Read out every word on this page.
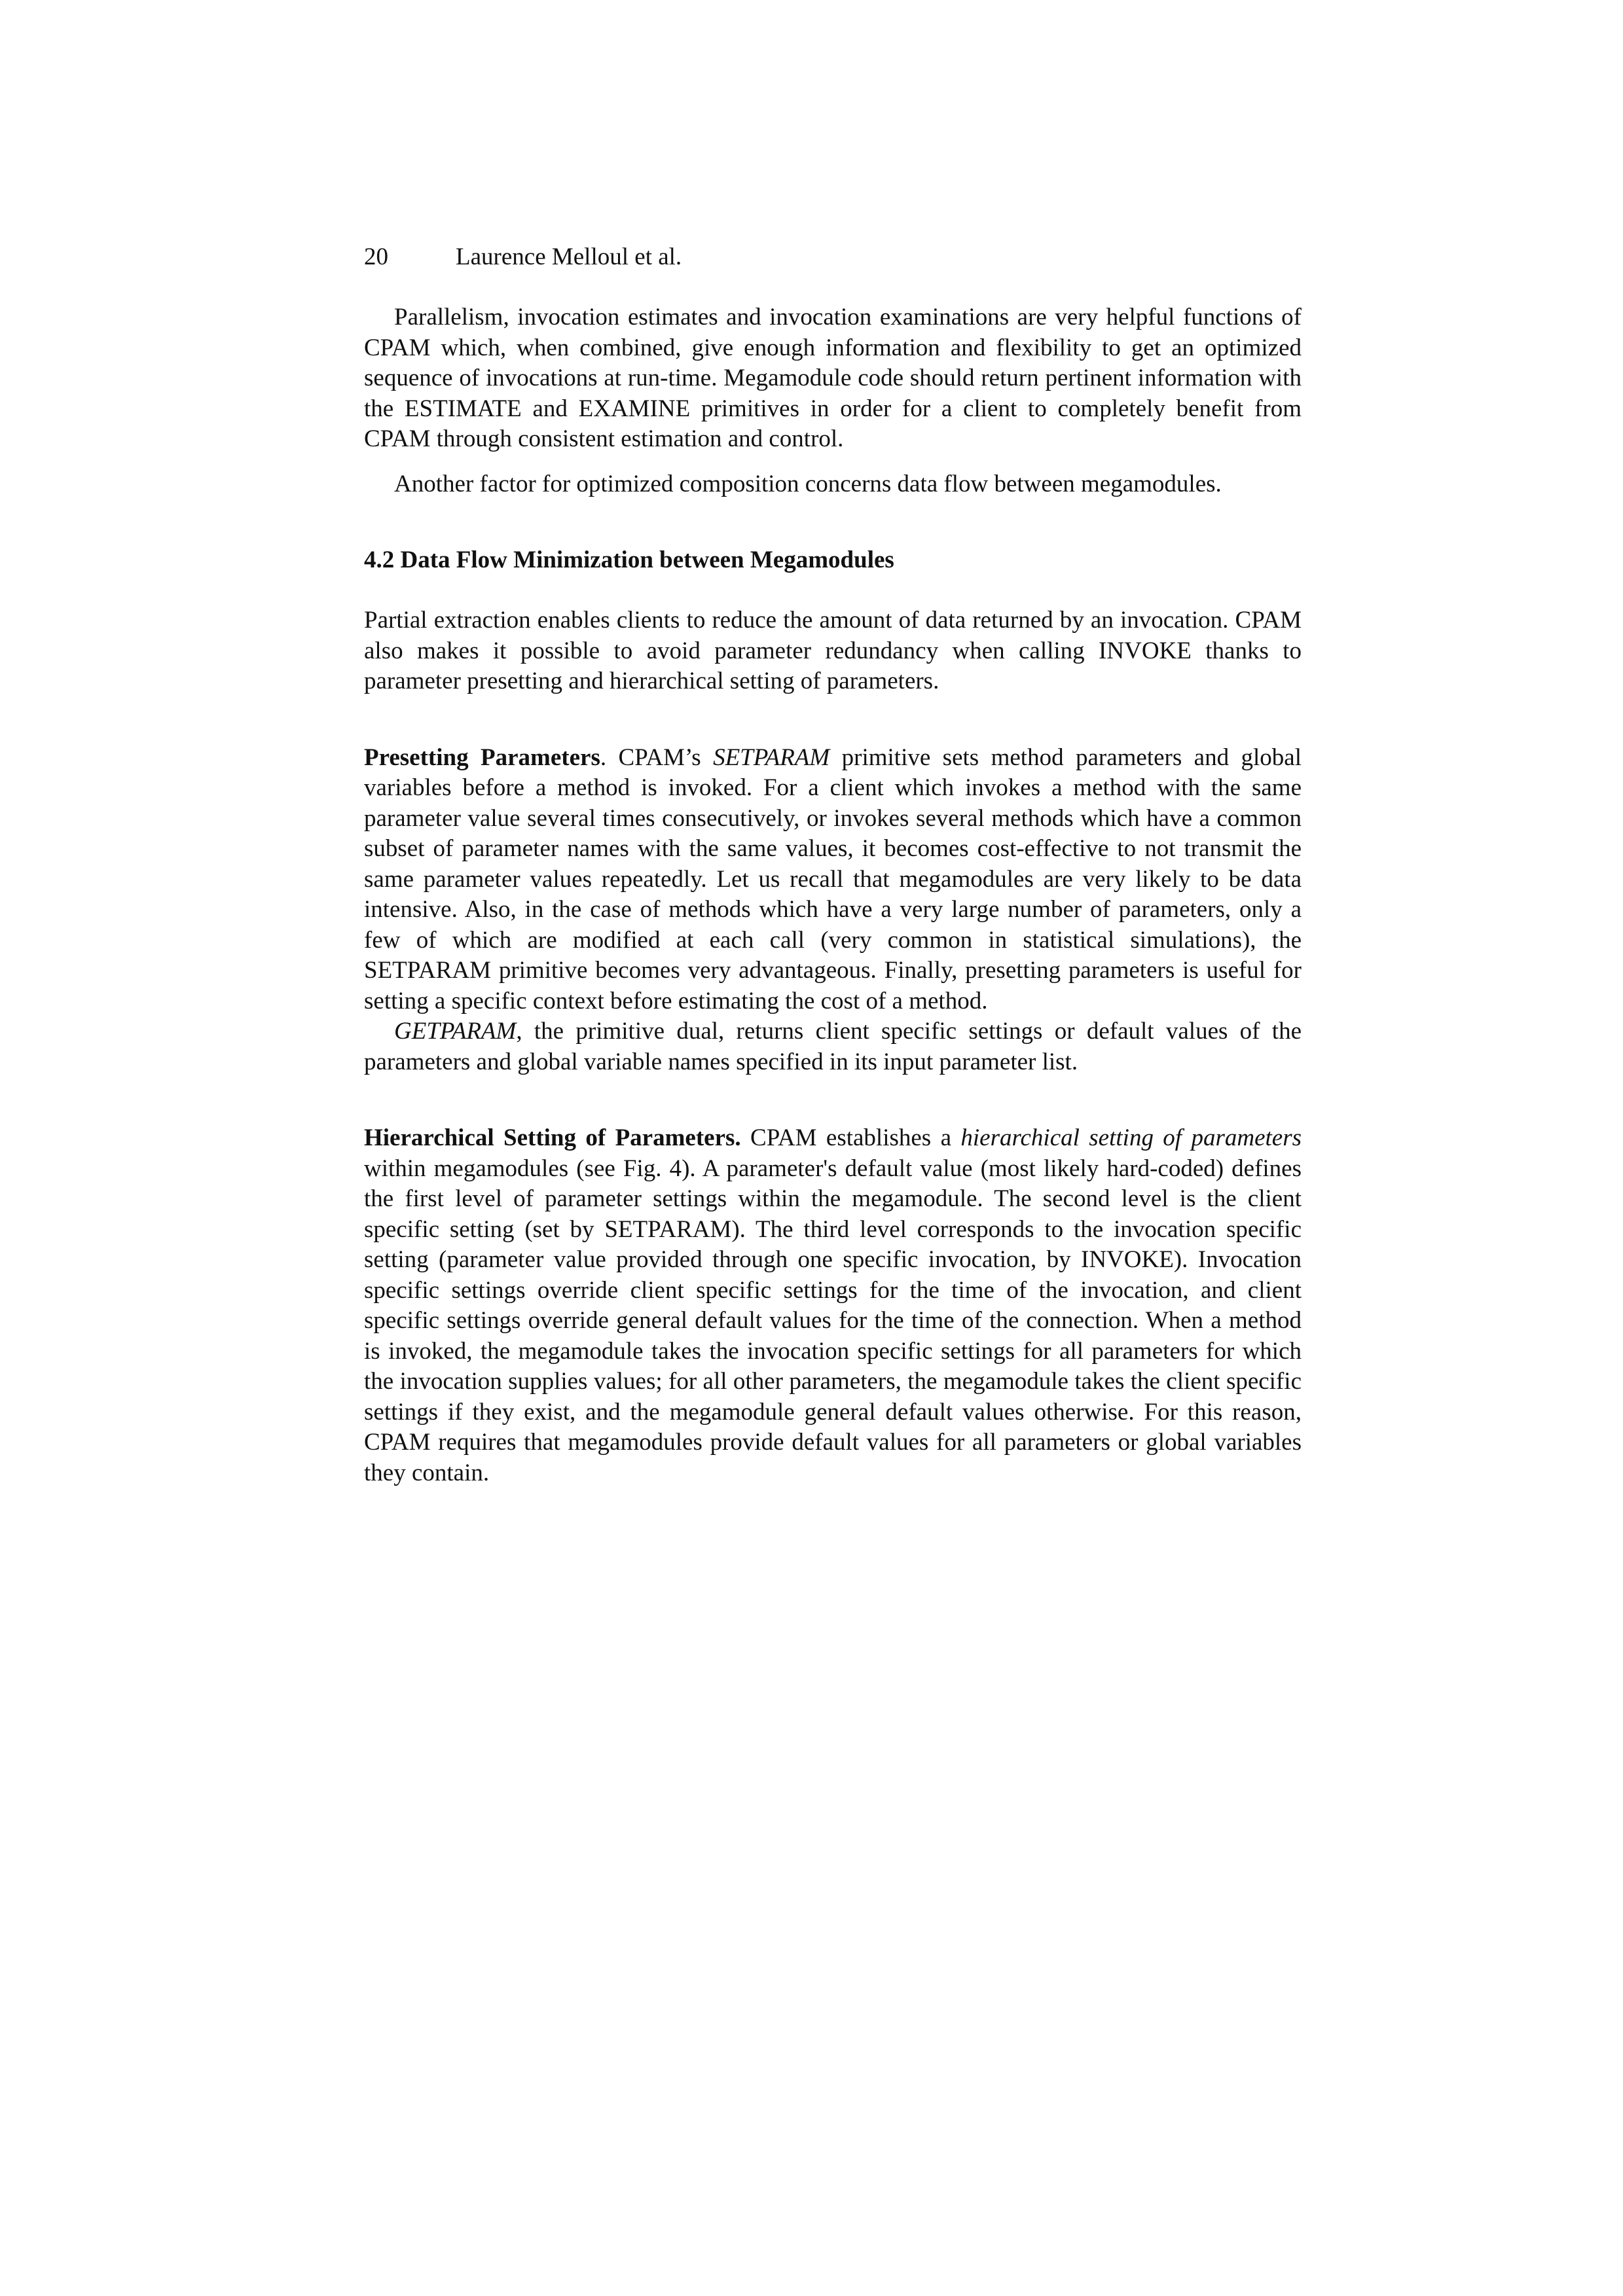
20	Laurence Melloul et al.

Parallelism, invocation estimates and invocation examinations are very helpful functions of CPAM which, when combined, give enough information and flexibility to get an optimized sequence of invocations at run-time. Megamodule code should return pertinent information with the ESTIMATE and EXAMINE primitives in order for a client to completely benefit from CPAM through consistent estimation and control.

Another factor for optimized composition concerns data flow between megamodules.

4.2 Data Flow Minimization between Megamodules

Partial extraction enables clients to reduce the amount of data returned by an invocation. CPAM also makes it possible to avoid parameter redundancy when calling INVOKE thanks to parameter presetting and hierarchical setting of parameters.

Presetting Parameters. CPAM’s SETPARAM primitive sets method parameters and global variables before a method is invoked. For a client which invokes a method with the same parameter value several times consecutively, or invokes several methods which have a common subset of parameter names with the same values, it becomes cost-effective to not transmit the same parameter values repeatedly. Let us recall that megamodules are very likely to be data intensive. Also, in the case of methods which have a very large number of parameters, only a few of which are modified at each call (very common in statistical simulations), the SETPARAM primitive becomes very advantageous. Finally, presetting parameters is useful for setting a specific context before estimating the cost of a method.

GETPARAM, the primitive dual, returns client specific settings or default values of the parameters and global variable names specified in its input parameter list.

Hierarchical Setting of Parameters. CPAM establishes a hierarchical setting of parameters within megamodules (see Fig. 4). A parameter's default value (most likely hard-coded) defines the first level of parameter settings within the megamodule. The second level is the client specific setting (set by SETPARAM). The third level corresponds to the invocation specific setting (parameter value provided through one specific invocation, by INVOKE). Invocation specific settings override client specific settings for the time of the invocation, and client specific settings override general default values for the time of the connection. When a method is invoked, the megamodule takes the invocation specific settings for all parameters for which the invocation supplies values; for all other parameters, the megamodule takes the client specific settings if they exist, and the megamodule general default values otherwise. For this reason, CPAM requires that megamodules provide default values for all parameters or global variables they contain.
